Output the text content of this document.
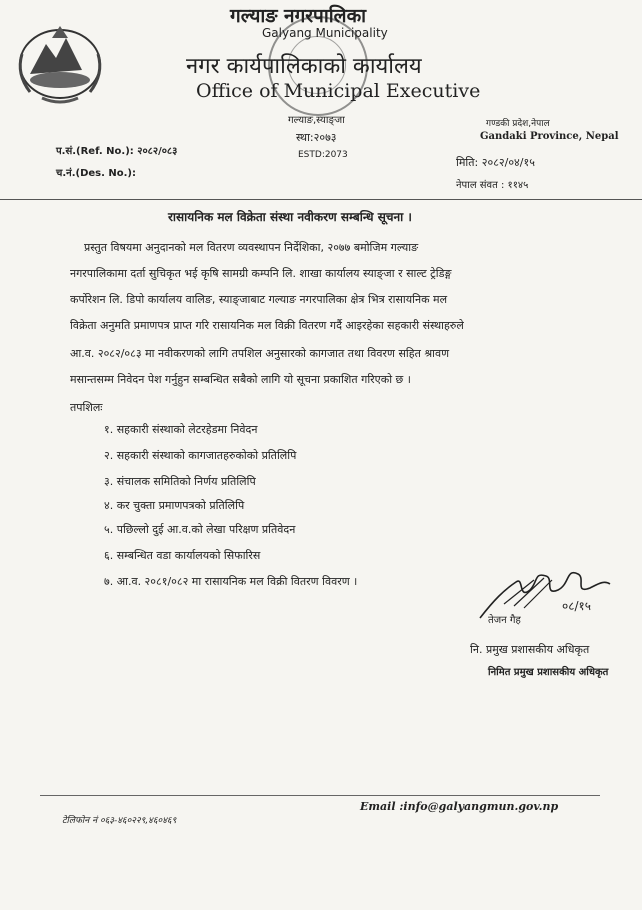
गल्याङ नगरपालिका
Galyang Municipality
नगर कार्यपालिकाको कार्यालय
Office of Municipal Executive
गल्याङ,स्याङ्जा
स्था:२०७३
ESTD:2073
गण्डकी प्रदेश,नेपाल
Gandaki Province, Nepal
प.सं.(Ref. No.): २०८२/०८३
च.नं.(Des. No.):
मिति: २०८२/०४/१५
नेपाल संवत : ११४५
रासायनिक मल विक्रेता संस्था नवीकरण सम्बन्धि सूचना ।
प्रस्तुत विषयमा अनुदानको मल वितरण व्यवस्थापन निर्देशिका, २०७७ बमोजिम गल्याङ
नगरपालिकामा दर्ता सुचिकृत भई कृषि सामग्री कम्पनि लि. शाखा कार्यालय स्याङ्जा र साल्ट ट्रेडिङ्ग
कर्पोरेशन लि. डिपो कार्यालय वालिङ, स्याङ्जाबाट गल्याङ नगरपालिका क्षेत्र भित्र रासायनिक मल
विक्रेता अनुमति प्रमाणपत्र प्राप्त गरि रासायनिक मल विक्री वितरण गर्दै आइरहेका सहकारी संस्थाहरुले
आ.व. २०८२/०८३ मा नवीकरणको लागि तपशिल अनुसारको कागजात तथा विवरण सहित श्रावण
मसान्तसम्म निवेदन पेश गर्नुहुन सम्बन्धित सबैको लागि यो सूचना प्रकाशित गरिएको छ ।
तपशिलः
१. सहकारी संस्थाको लेटरहेडमा निवेदन
२. सहकारी संस्थाको कागजातहरुकोको प्रतिलिपि
३. संचालक समितिको निर्णय प्रतिलिपि
४. कर चुक्ता प्रमाणपत्रको प्रतिलिपि
५. पछिल्लो दुई आ.व.को लेखा परिक्षण प्रतिवेदन
६. सम्बन्धित वडा कार्यालयको सिफारिस
७. आ.व. २०८१/०८२ मा रासायनिक मल विक्री वितरण विवरण ।
०८/१५
तेजन गैह
नि. प्रमुख प्रशासकीय अधिकृत
निमित प्रमुख प्रशासकीय अधिकृत
Email :info@galyangmun.gov.np
टेलिफोन नं ०६३-४६०२२९,४६०४६९
